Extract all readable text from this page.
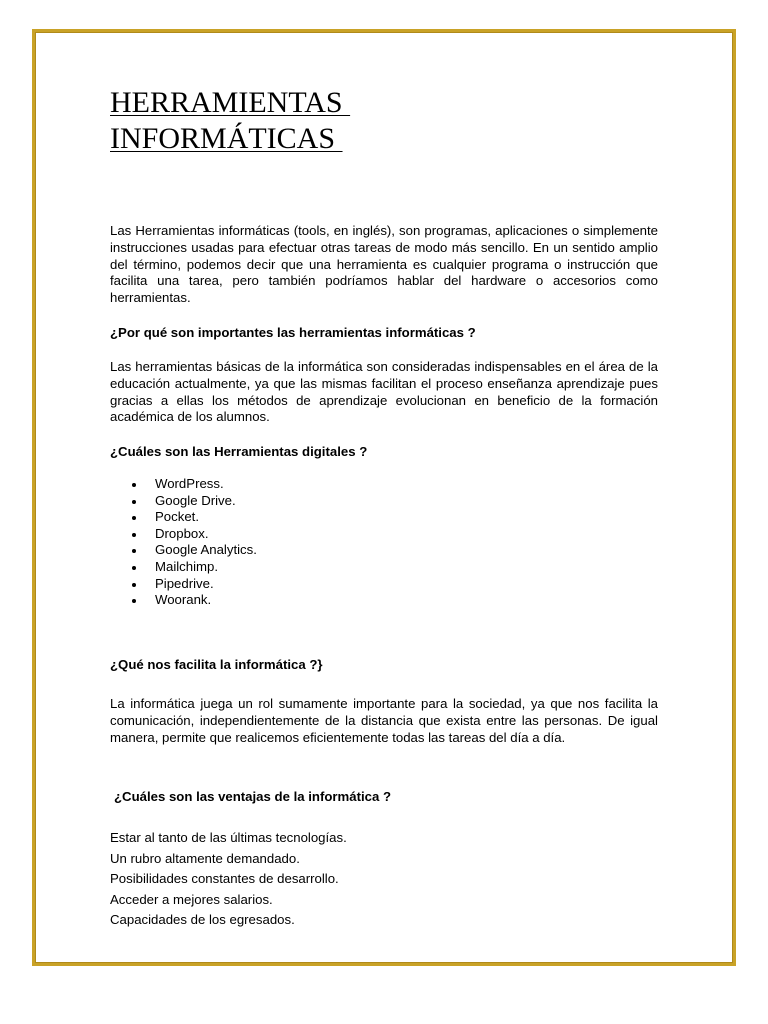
HERRAMIENTAS
INFORMÁTICAS

Las Herramientas informáticas (tools, en inglés), son programas, aplicaciones o simplemente instrucciones usadas para efectuar otras tareas de modo más sencillo. En un sentido amplio del término, podemos decir que una herramienta es cualquier programa o instrucción que facilita una tarea, pero también podríamos hablar del hardware o accesorios como herramientas.

¿Por qué son importantes las herramientas informáticas ?

Las herramientas básicas de la informática son consideradas indispensables en el área de la educación actualmente, ya que las mismas facilitan el proceso enseñanza aprendizaje pues gracias a ellas los métodos de aprendizaje evolucionan en beneficio de la formación académica de los alumnos.

¿Cuáles son las Herramientas digitales ?

WordPress.
Google Drive.
Pocket.
Dropbox.
Google Analytics.
Mailchimp.
Pipedrive.
Woorank.

¿Qué nos facilita la informática ?}

La informática juega un rol sumamente importante para la sociedad, ya que nos facilita la comunicación, independientemente de la distancia que exista entre las personas. De igual manera, permite que realicemos eficientemente todas las tareas del día a día.

¿Cuáles son las ventajas de la informática ?

Estar al tanto de las últimas tecnologías.
Un rubro altamente demandado.
Posibilidades constantes de desarrollo.
Acceder a mejores salarios.
Capacidades de los egresados.
